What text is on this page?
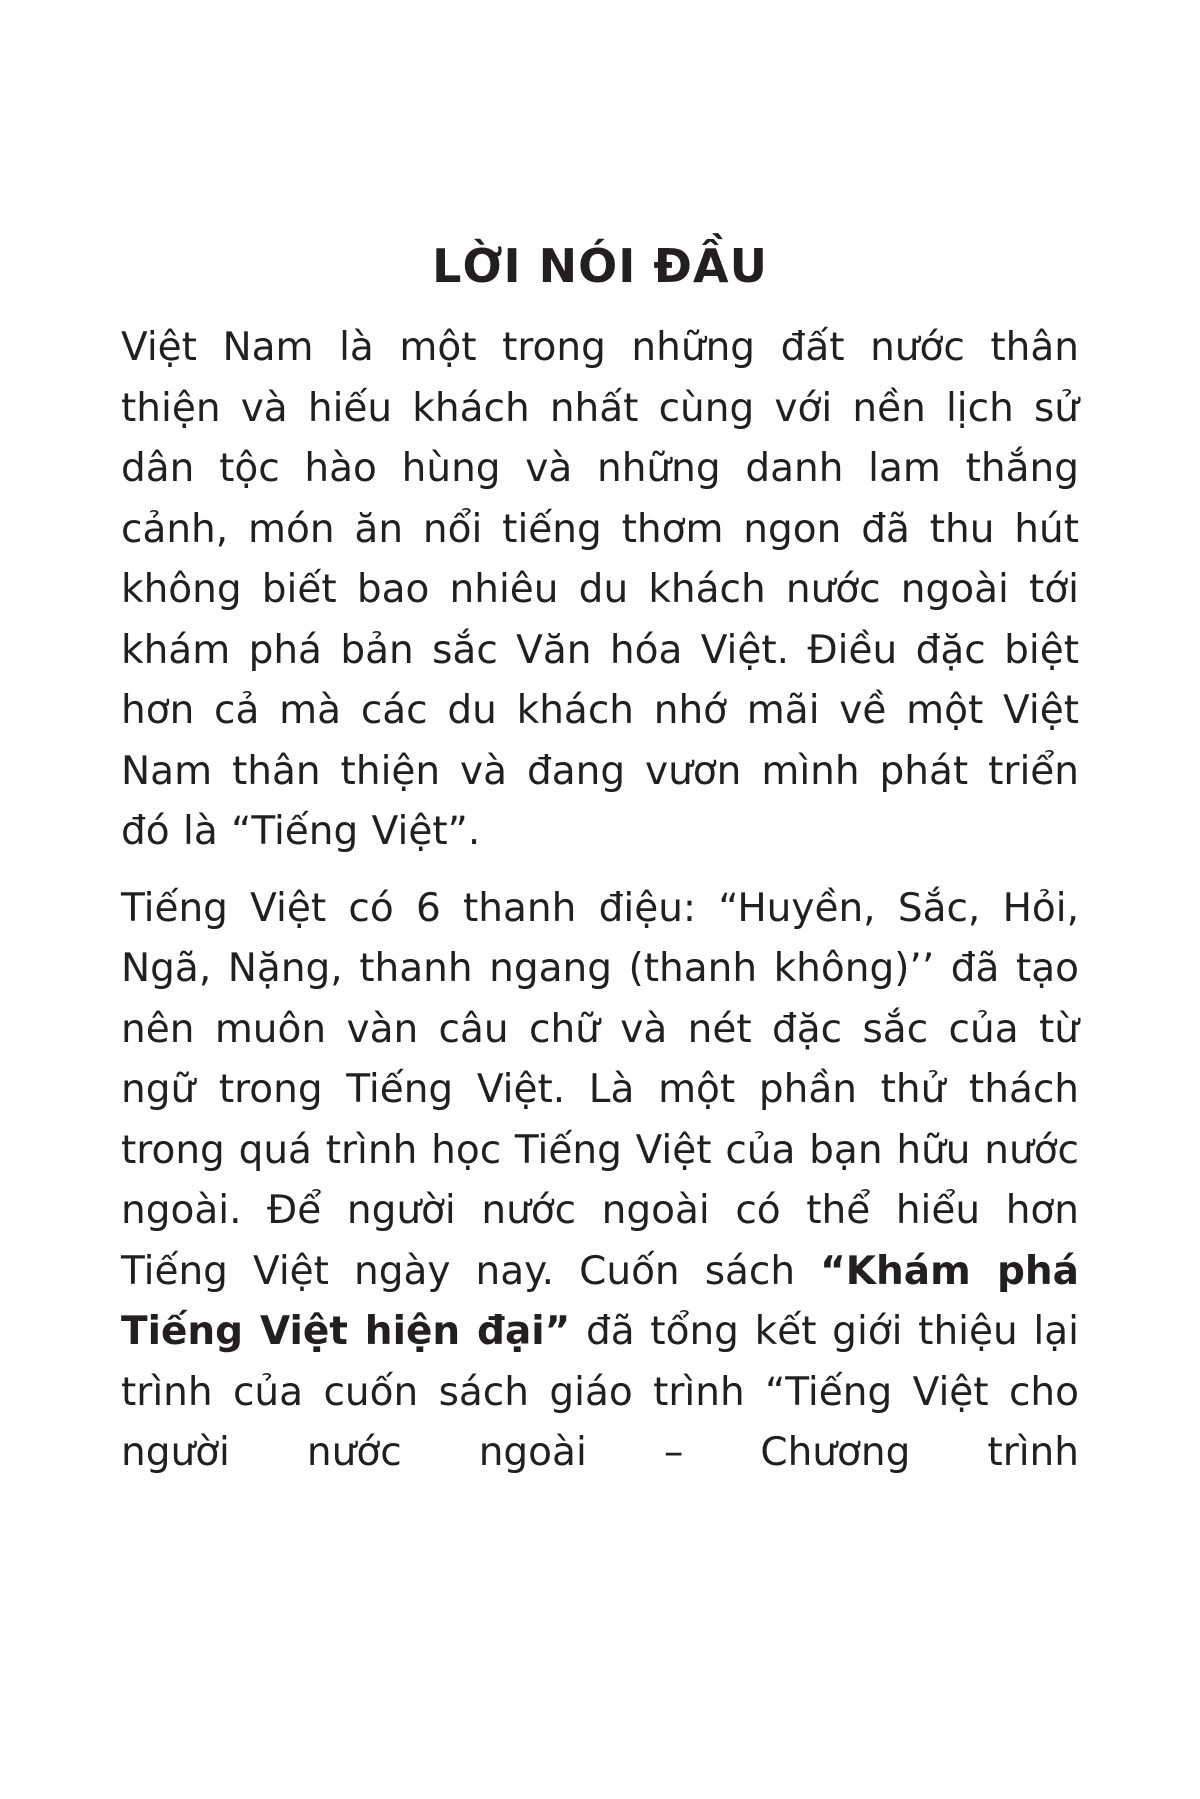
LỜI NÓI ĐẦU

Việt Nam là một trong những đất nước thân thiện và hiếu khách nhất cùng với nền lịch sử dân tộc hào hùng và những danh lam thắng cảnh, món ăn nổi tiếng thơm ngon đã thu hút không biết bao nhiêu du khách nước ngoài tới khám phá bản sắc Văn hóa Việt. Điều đặc biệt hơn cả mà các du khách nhớ mãi về một Việt Nam thân thiện và đang vươn mình phát triển đó là “Tiếng Việt”.

Tiếng Việt có 6 thanh điệu: “Huyền, Sắc, Hỏi, Ngã, Nặng, thanh ngang (thanh không)’’ đã tạo nên muôn vàn câu chữ và nét đặc sắc của từ ngữ trong Tiếng Việt. Là một phần thử thách trong quá trình học Tiếng Việt của bạn hữu nước ngoài. Để người nước ngoài có thể hiểu hơn Tiếng Việt ngày nay. Cuốn sách “Khám phá Tiếng Việt hiện đại” đã tổng kết giới thiệu lại trình của cuốn sách giáo trình “Tiếng Việt cho người nước ngoài – Chương trình
